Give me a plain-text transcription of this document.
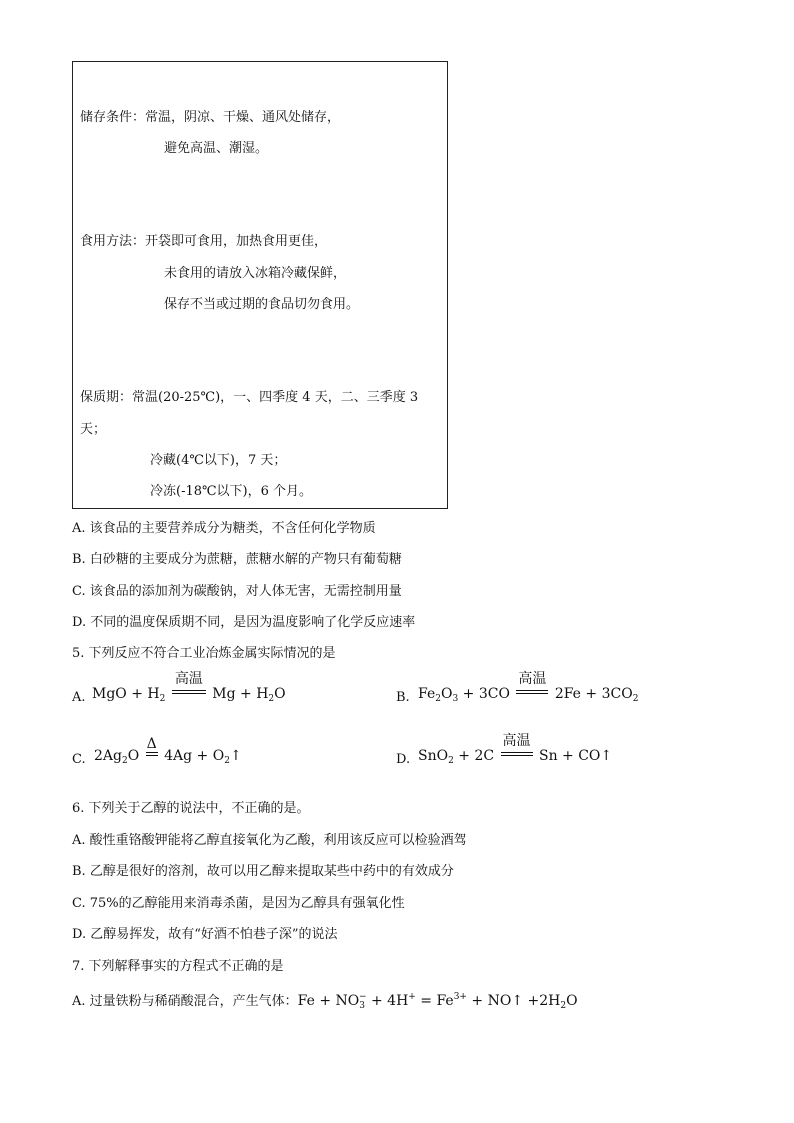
储存条件：常温，阴凉、干燥、通风处储存，
避免高温、潮湿。
食用方法：开袋即可食用，加热食用更佳，
未食用的请放入冰箱冷藏保鲜，
保存不当或过期的食品切勿食用。
保质期：常温(20-25℃)，一、四季度 4 天，二、三季度 3
天；
冷藏(4℃以下)，7 天；
冷冻(-18℃以下)，6 个月。
A. 该食品的主要营养成分为糖类，不含任何化学物质
B. 白砂糖的主要成分为蔗糖，蔗糖水解的产物只有葡萄糖
C. 该食品的添加剂为碳酸钠，对人体无害，无需控制用量
D. 不同的温度保质期不同，是因为温度影响了化学反应速率
5. 下列反应不符合工业冶炼金属实际情况的是
A. MgO + $H_2$
高温
$Mg + H_2O$	B. $Fe_2O_3 + 3CO$
高温
$2Fe + 3CO_2$
C. $2Ag_2O$
Δ
$4Ag + O_2↑$	D. SnO$_2$ + 2C
高温
Sn + CO↑
6. 下列关于乙醇的说法中，不正确的是。
A. 酸性重铬酸钾能将乙醇直接氧化为乙酸，利用该反应可以检验酒驾
B. 乙醇是很好的溶剂，故可以用乙醇来提取某些中药中的有效成分
C. 75%的乙醇能用来消毒杀菌，是因为乙醇具有强氧化性
D. 乙醇易挥发，故有“好酒不怕巷子深”的说法
7. 下列解释事实的方程式不正确的是
A. 过量铁粉与稀硝酸混合，产生气体：$Fe + NO_3^- + 4H^+ = Fe^{3+}$ + NO↑ $+2H_2O$
